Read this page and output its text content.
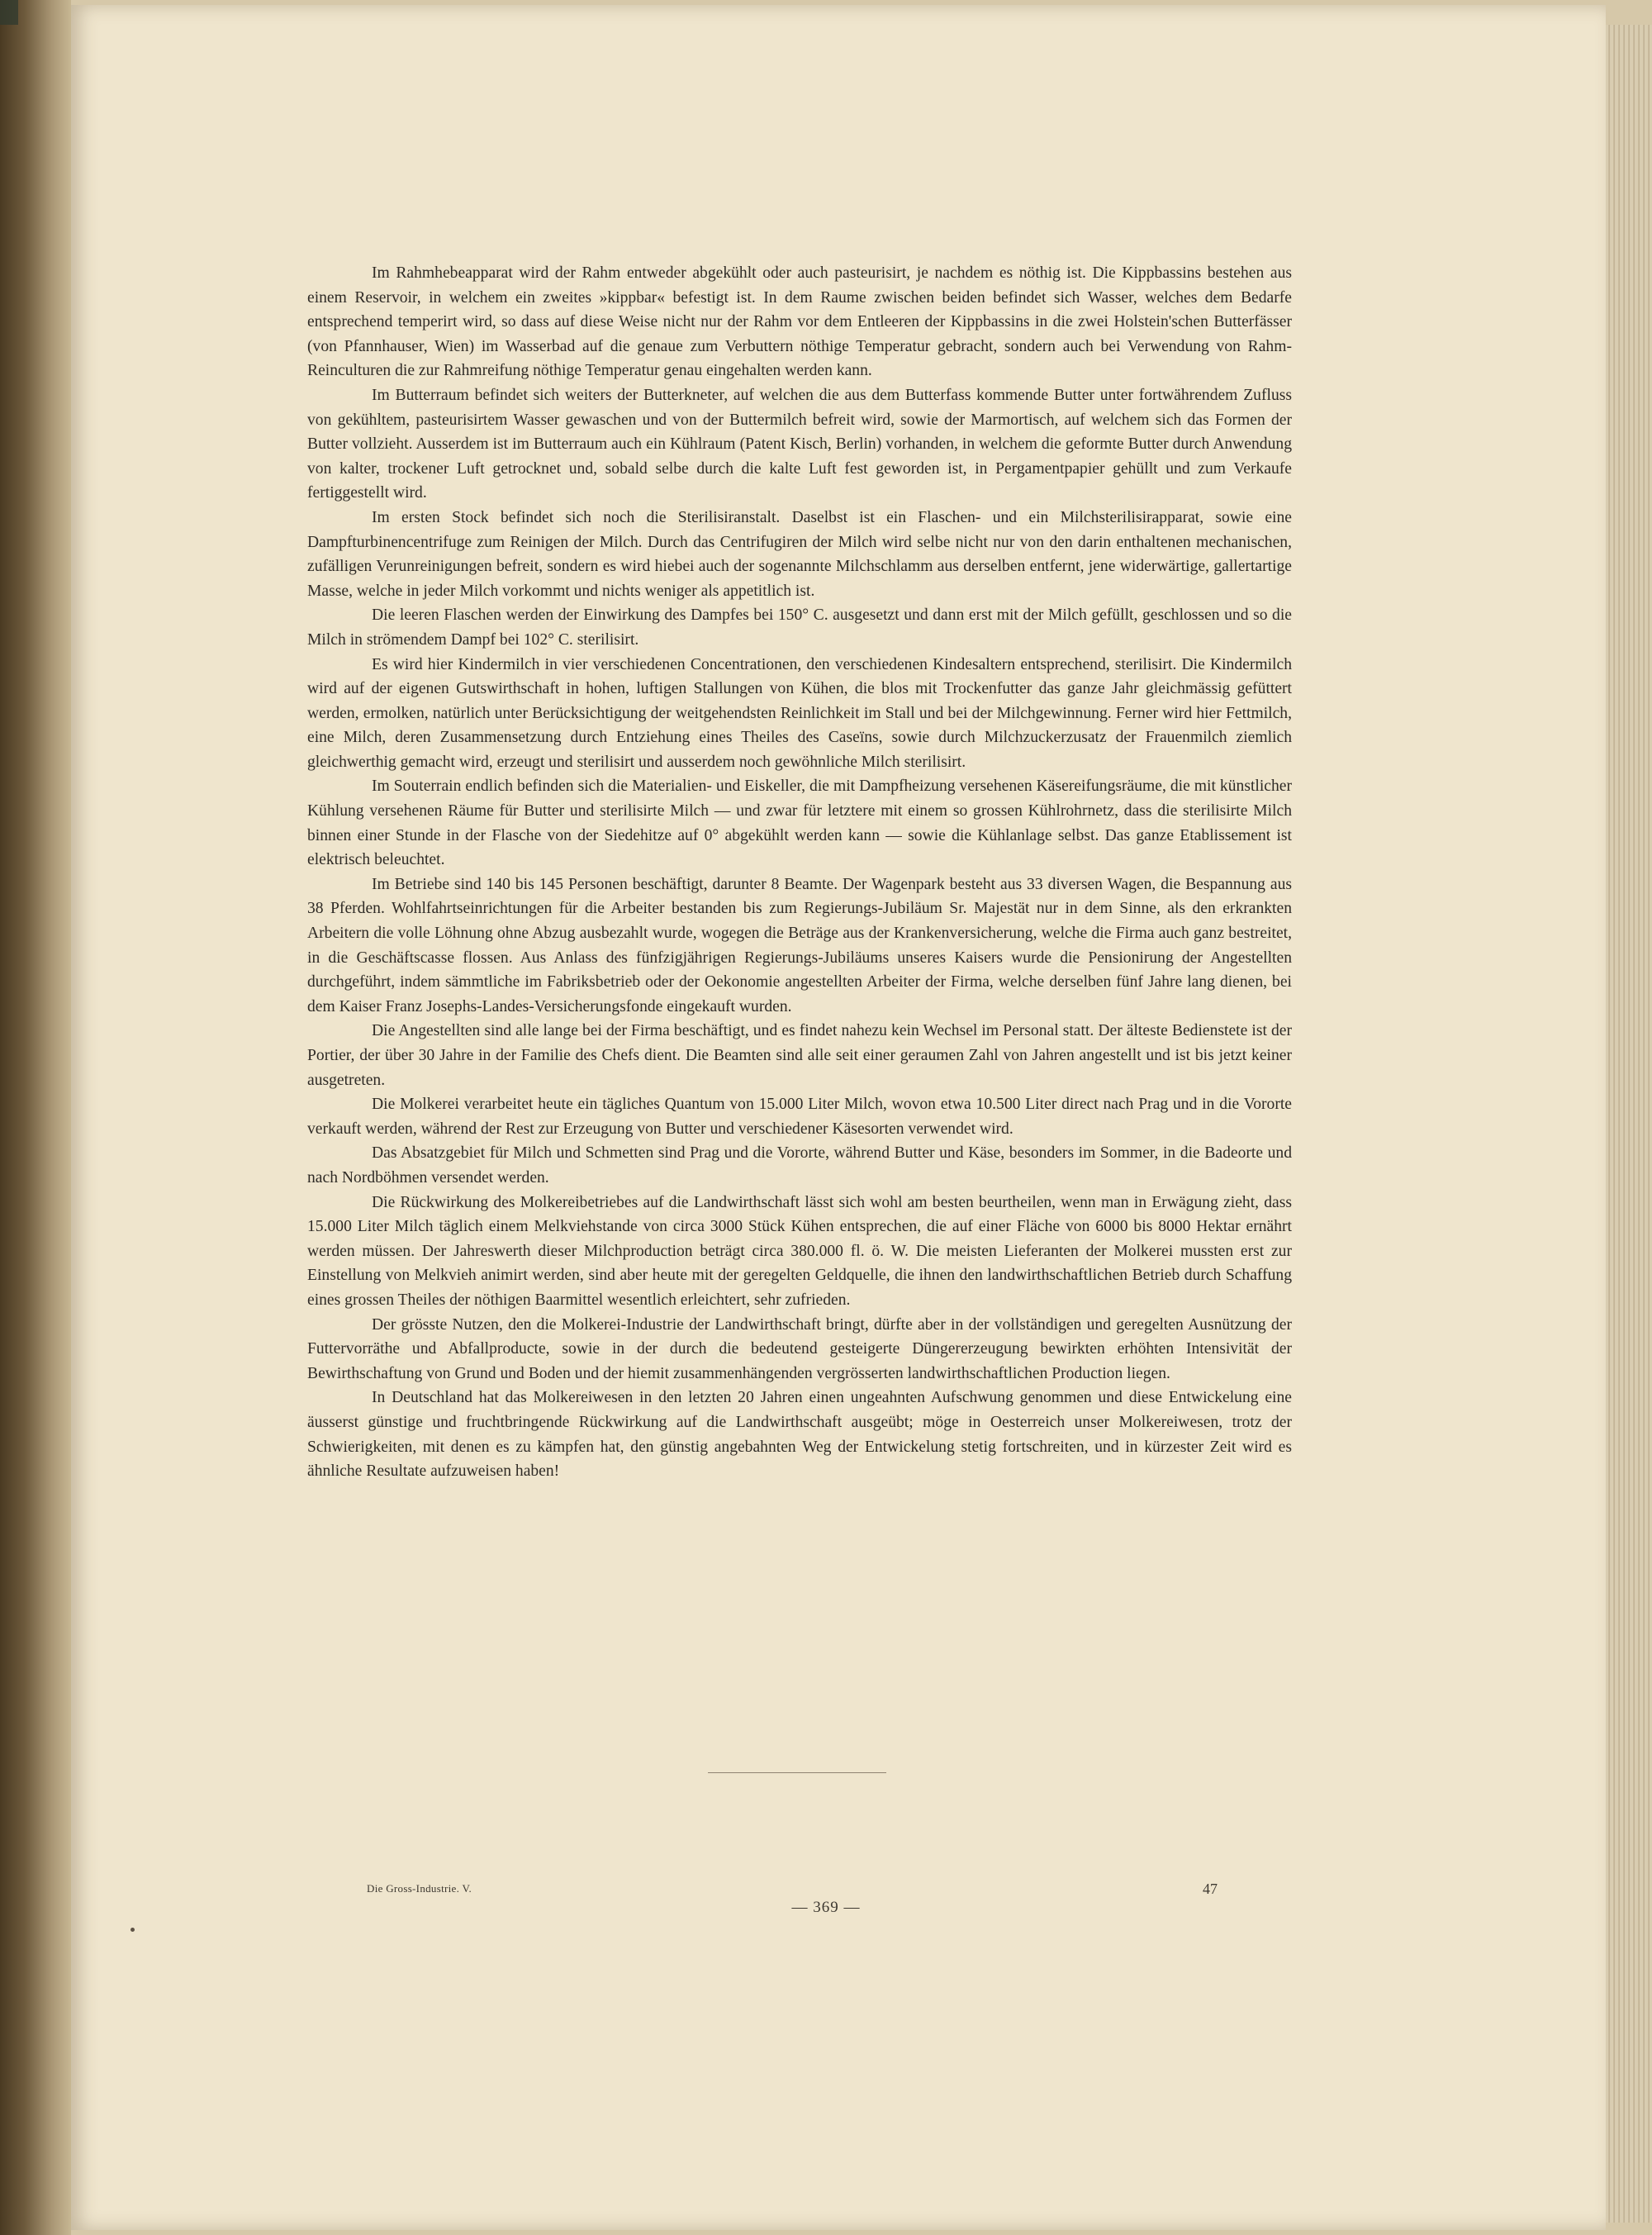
Im Rahmhebeapparat wird der Rahm entweder abgekühlt oder auch pasteurisirt, je nachdem es nöthig ist. Die Kippbassins bestehen aus einem Reservoir, in welchem ein zweites »kippbar« befestigt ist. In dem Raume zwischen beiden befindet sich Wasser, welches dem Bedarfe entsprechend temperirt wird, so dass auf diese Weise nicht nur der Rahm vor dem Entleeren der Kippbassins in die zwei Holstein'schen Butterfässer (von Pfannhauser, Wien) im Wasserbad auf die genaue zum Verbuttern nöthige Temperatur gebracht, sondern auch bei Verwendung von Rahm-Reinculturen die zur Rahmreifung nöthige Temperatur genau eingehalten werden kann.

Im Butterraum befindet sich weiters der Butterkneter, auf welchen die aus dem Butterfass kommende Butter unter fortwährendem Zufluss von gekühltem, pasteurisirtem Wasser gewaschen und von der Buttermilch befreit wird, sowie der Marmortisch, auf welchem sich das Formen der Butter vollzieht. Ausserdem ist im Butterraum auch ein Kühlraum (Patent Kisch, Berlin) vorhanden, in welchem die geformte Butter durch Anwendung von kalter, trockener Luft getrocknet und, sobald selbe durch die kalte Luft fest geworden ist, in Pergamentpapier gehüllt und zum Verkaufe fertiggestellt wird.

Im ersten Stock befindet sich noch die Sterilisiranstalt. Daselbst ist ein Flaschen- und ein Milchsterilisirapparat, sowie eine Dampfturbinencentrifuge zum Reinigen der Milch. Durch das Centrifugiren der Milch wird selbe nicht nur von den darin enthaltenen mechanischen, zufälligen Verunreinigungen befreit, sondern es wird hiebei auch der sogenannte Milchschlamm aus derselben entfernt, jene widerwärtige, gallertartige Masse, welche in jeder Milch vorkommt und nichts weniger als appetitlich ist.

Die leeren Flaschen werden der Einwirkung des Dampfes bei 150° C. ausgesetzt und dann erst mit der Milch gefüllt, geschlossen und so die Milch in strömendem Dampf bei 102° C. sterilisirt.

Es wird hier Kindermilch in vier verschiedenen Concentrationen, den verschiedenen Kindesaltern entsprechend, sterilisirt. Die Kindermilch wird auf der eigenen Gutswirthschaft in hohen, luftigen Stallungen von Kühen, die blos mit Trockenfutter das ganze Jahr gleichmässig gefüttert werden, ermolken, natürlich unter Berücksichtigung der weitgehendsten Reinlichkeit im Stall und bei der Milchgewinnung. Ferner wird hier Fettmilch, eine Milch, deren Zusammensetzung durch Entziehung eines Theiles des Caseïns, sowie durch Milchzuckerzusatz der Frauenmilch ziemlich gleichwerthig gemacht wird, erzeugt und sterilisirt und ausserdem noch gewöhnliche Milch sterilisirt.

Im Souterrain endlich befinden sich die Materialien- und Eiskeller, die mit Dampfheizung versehenen Käsereifungsräume, die mit künstlicher Kühlung versehenen Räume für Butter und sterilisirte Milch — und zwar für letztere mit einem so grossen Kühlrohrnetz, dass die sterilisirte Milch binnen einer Stunde in der Flasche von der Siedehitze auf 0° abgekühlt werden kann — sowie die Kühlanlage selbst. Das ganze Etablissement ist elektrisch beleuchtet.

Im Betriebe sind 140 bis 145 Personen beschäftigt, darunter 8 Beamte. Der Wagenpark besteht aus 33 diversen Wagen, die Bespannung aus 38 Pferden. Wohlfahrtseinrichtungen für die Arbeiter bestanden bis zum Regierungs-Jubiläum Sr. Majestät nur in dem Sinne, als den erkrankten Arbeitern die volle Löhnung ohne Abzug ausbezahlt wurde, wogegen die Beträge aus der Krankenversicherung, welche die Firma auch ganz bestreitet, in die Geschäftscasse flossen. Aus Anlass des fünfzigjährigen Regierungs-Jubiläums unseres Kaisers wurde die Pensionirung der Angestellten durchgeführt, indem sämmtliche im Fabriksbetrieb oder der Oekonomie angestellten Arbeiter der Firma, welche derselben fünf Jahre lang dienen, bei dem Kaiser Franz Josephs-Landes-Versicherungsfonde eingekauft wurden.

Die Angestellten sind alle lange bei der Firma beschäftigt, und es findet nahezu kein Wechsel im Personal statt. Der älteste Bedienstete ist der Portier, der über 30 Jahre in der Familie des Chefs dient. Die Beamten sind alle seit einer geraumen Zahl von Jahren angestellt und ist bis jetzt keiner ausgetreten.

Die Molkerei verarbeitet heute ein tägliches Quantum von 15.000 Liter Milch, wovon etwa 10.500 Liter direct nach Prag und in die Vororte verkauft werden, während der Rest zur Erzeugung von Butter und verschiedener Käsesorten verwendet wird.

Das Absatzgebiet für Milch und Schmetten sind Prag und die Vororte, während Butter und Käse, besonders im Sommer, in die Badeorte und nach Nordböhmen versendet werden.

Die Rückwirkung des Molkereibetriebes auf die Landwirthschaft lässt sich wohl am besten beurtheilen, wenn man in Erwägung zieht, dass 15.000 Liter Milch täglich einem Melkviehstande von circa 3000 Stück Kühen entsprechen, die auf einer Fläche von 6000 bis 8000 Hektar ernährt werden müssen. Der Jahreswerth dieser Milchproduction beträgt circa 380.000 fl. ö. W. Die meisten Lieferanten der Molkerei mussten erst zur Einstellung von Melkvieh animirt werden, sind aber heute mit der geregelten Geldquelle, die ihnen den landwirthschaftlichen Betrieb durch Schaffung eines grossen Theiles der nöthigen Baarmittel wesentlich erleichtert, sehr zufrieden.

Der grösste Nutzen, den die Molkerei-Industrie der Landwirthschaft bringt, dürfte aber in der vollständigen und geregelten Ausnützung der Futtervorräthe und Abfallproducte, sowie in der durch die bedeutend gesteigerte Düngererzeugung bewirkten erhöhten Intensivität der Bewirthschaftung von Grund und Boden und der hiemit zusammenhängenden vergrösserten landwirthschaftlichen Production liegen.

In Deutschland hat das Molkereiwesen in den letzten 20 Jahren einen ungeahnten Aufschwung genommen und diese Entwickelung eine äusserst günstige und fruchtbringende Rückwirkung auf die Landwirthschaft ausgeübt; möge in Oesterreich unser Molkereiwesen, trotz der Schwierigkeiten, mit denen es zu kämpfen hat, den günstig angebahnten Weg der Entwickelung stetig fortschreiten, und in kürzester Zeit wird es ähnliche Resultate aufzuweisen haben!

Die Gross-Industrie. V.
— 369 —
47
